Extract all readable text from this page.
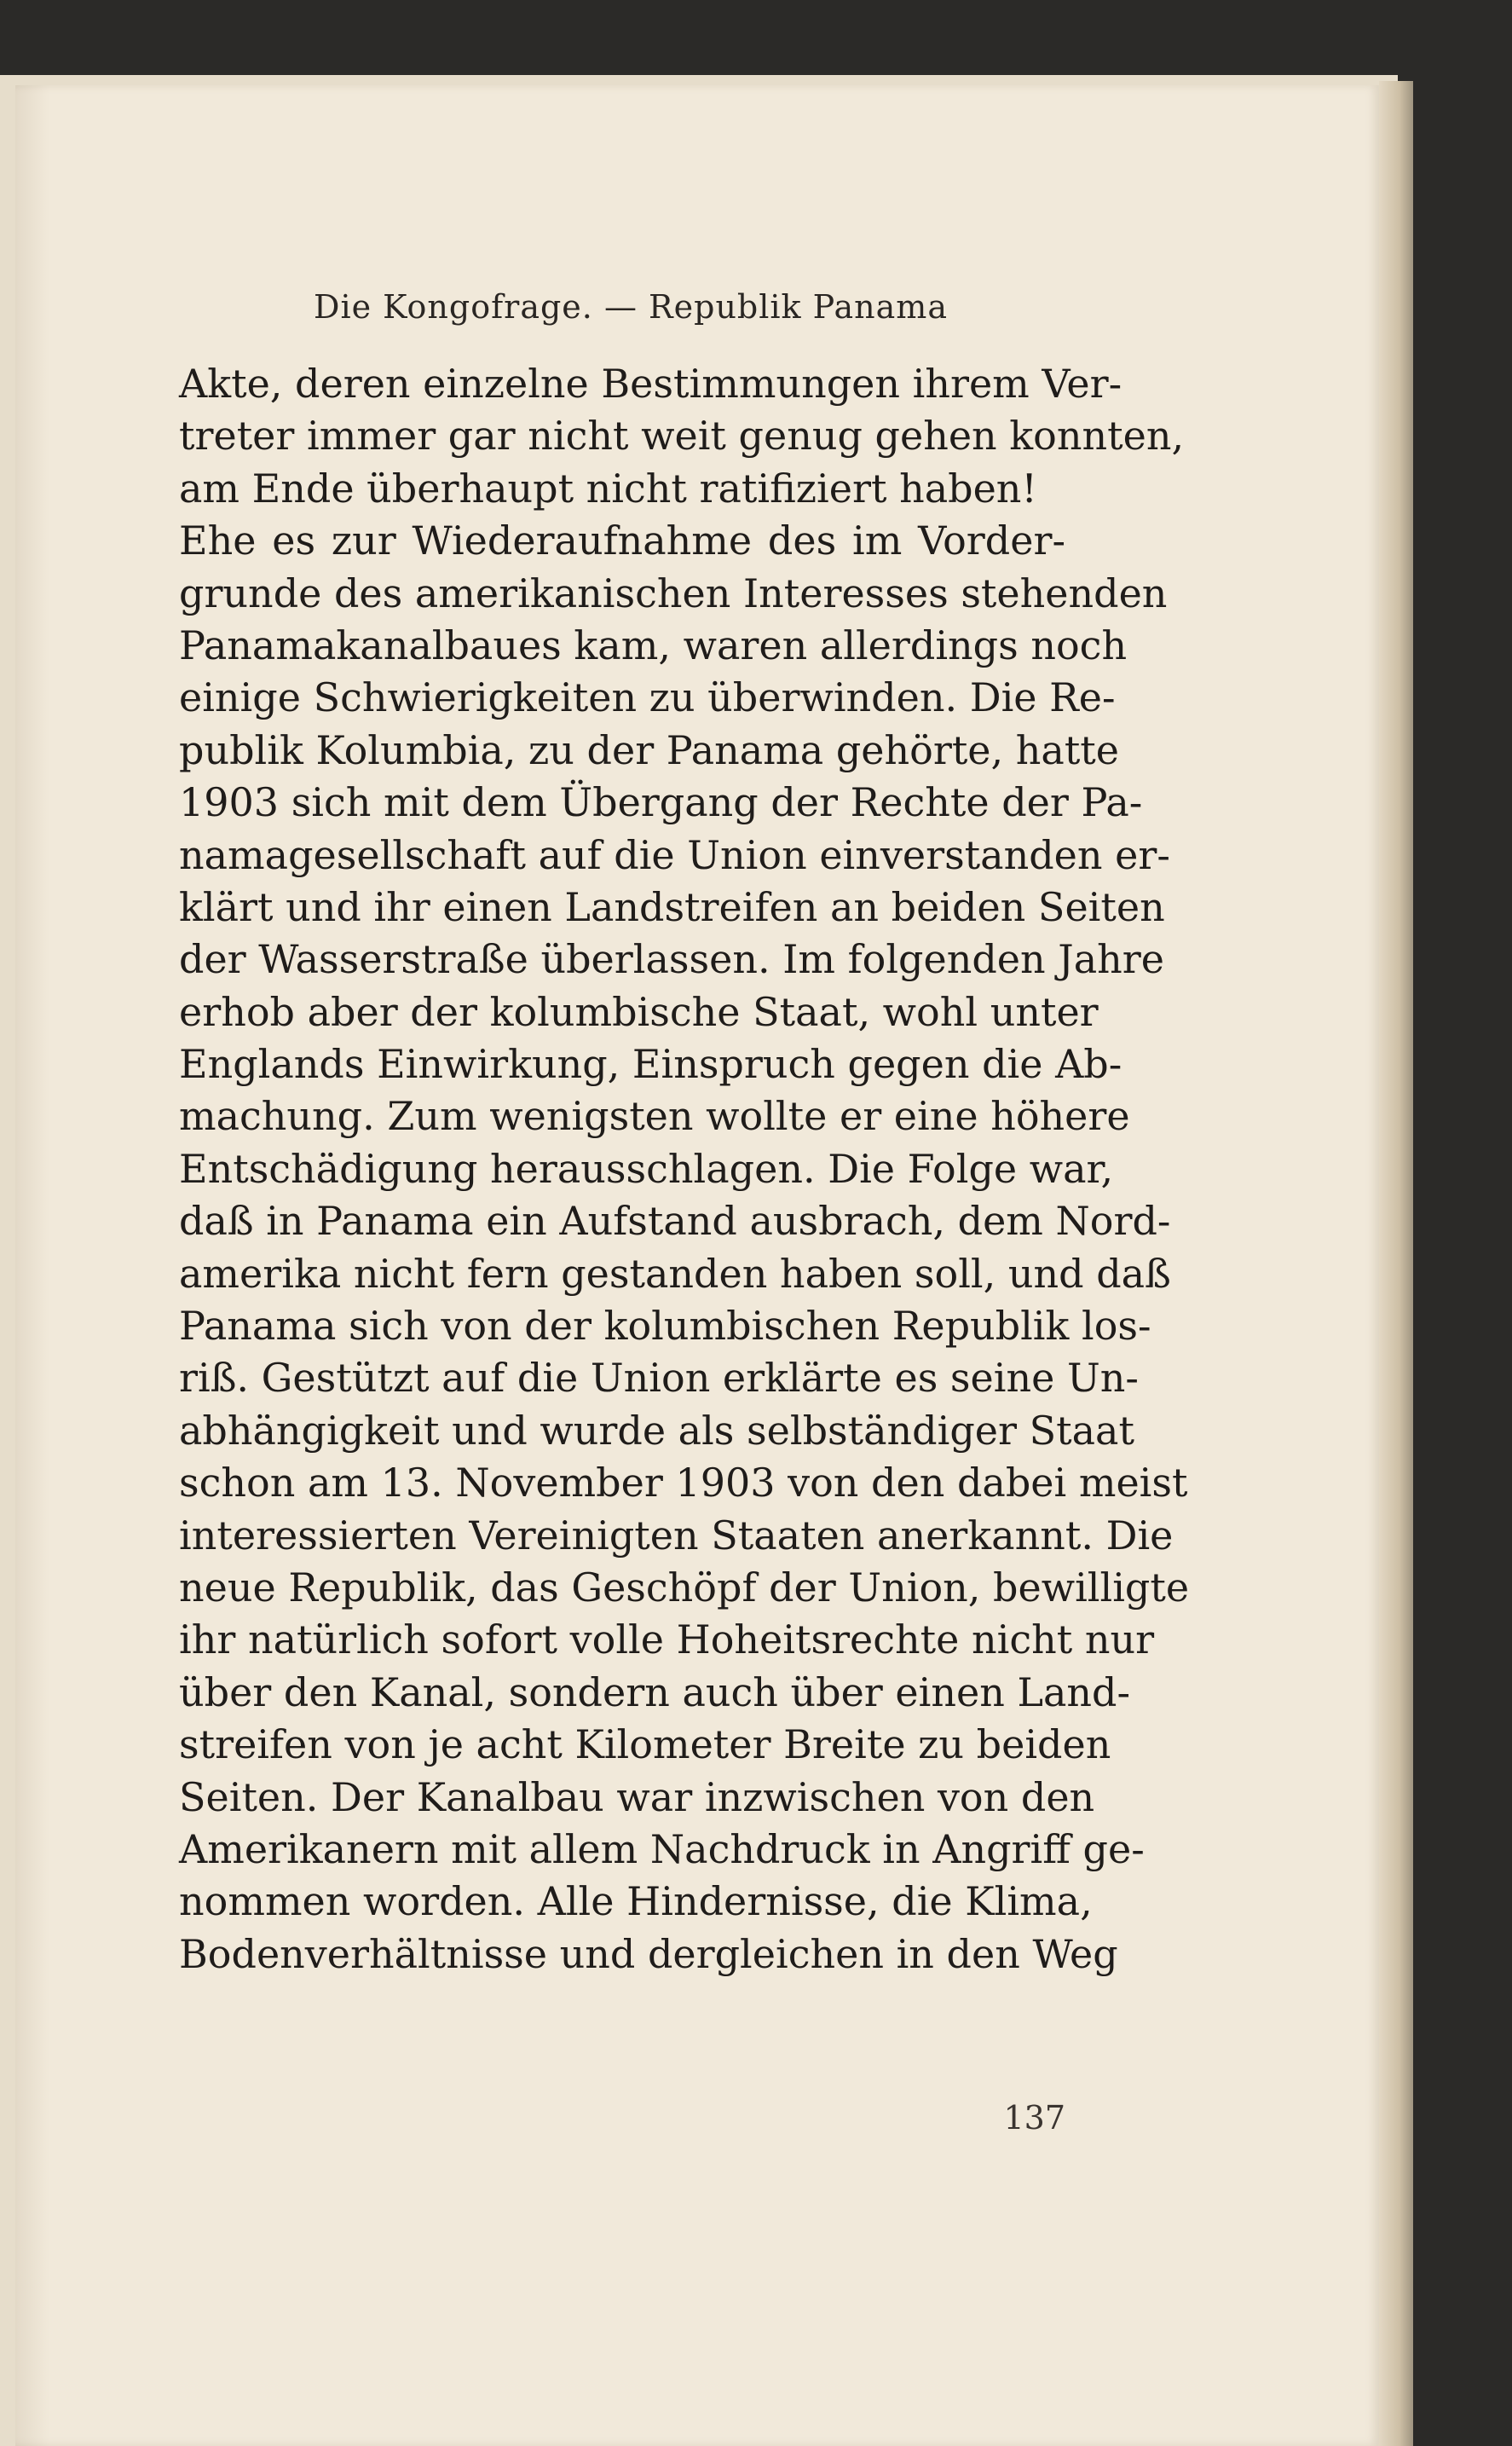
Die Kongofrage. — Republik Panama
Akte, deren einzelne Bestimmungen ihrem Ver-
treter immer gar nicht weit genug gehen konnten,
am Ende überhaupt nicht ratifiziert haben!
Ehe es zur Wiederaufnahme des im Vorder-
grunde des amerikanischen Interesses stehenden
Panamakanalbaues kam, waren allerdings noch
einige Schwierigkeiten zu überwinden. Die Re-
publik Kolumbia, zu der Panama gehörte, hatte
1903 sich mit dem Übergang der Rechte der Pa-
namagesellschaft auf die Union einverstanden er-
klärt und ihr einen Landstreifen an beiden Seiten
der Wasserstraße überlassen. Im folgenden Jahre
erhob aber der kolumbische Staat, wohl unter
Englands Einwirkung, Einspruch gegen die Ab-
machung. Zum wenigsten wollte er eine höhere
Entschädigung herausschlagen. Die Folge war,
daß in Panama ein Aufstand ausbrach, dem Nord-
amerika nicht fern gestanden haben soll, und daß
Panama sich von der kolumbischen Republik los-
riß. Gestützt auf die Union erklärte es seine Un-
abhängigkeit und wurde als selbständiger Staat
schon am 13. November 1903 von den dabei meist
interessierten Vereinigten Staaten anerkannt. Die
neue Republik, das Geschöpf der Union, bewilligte
ihr natürlich sofort volle Hoheitsrechte nicht nur
über den Kanal, sondern auch über einen Land-
streifen von je acht Kilometer Breite zu beiden
Seiten. Der Kanalbau war inzwischen von den
Amerikanern mit allem Nachdruck in Angriff ge-
nommen worden. Alle Hindernisse, die Klima,
Bodenverhältnisse und dergleichen in den Weg
137
